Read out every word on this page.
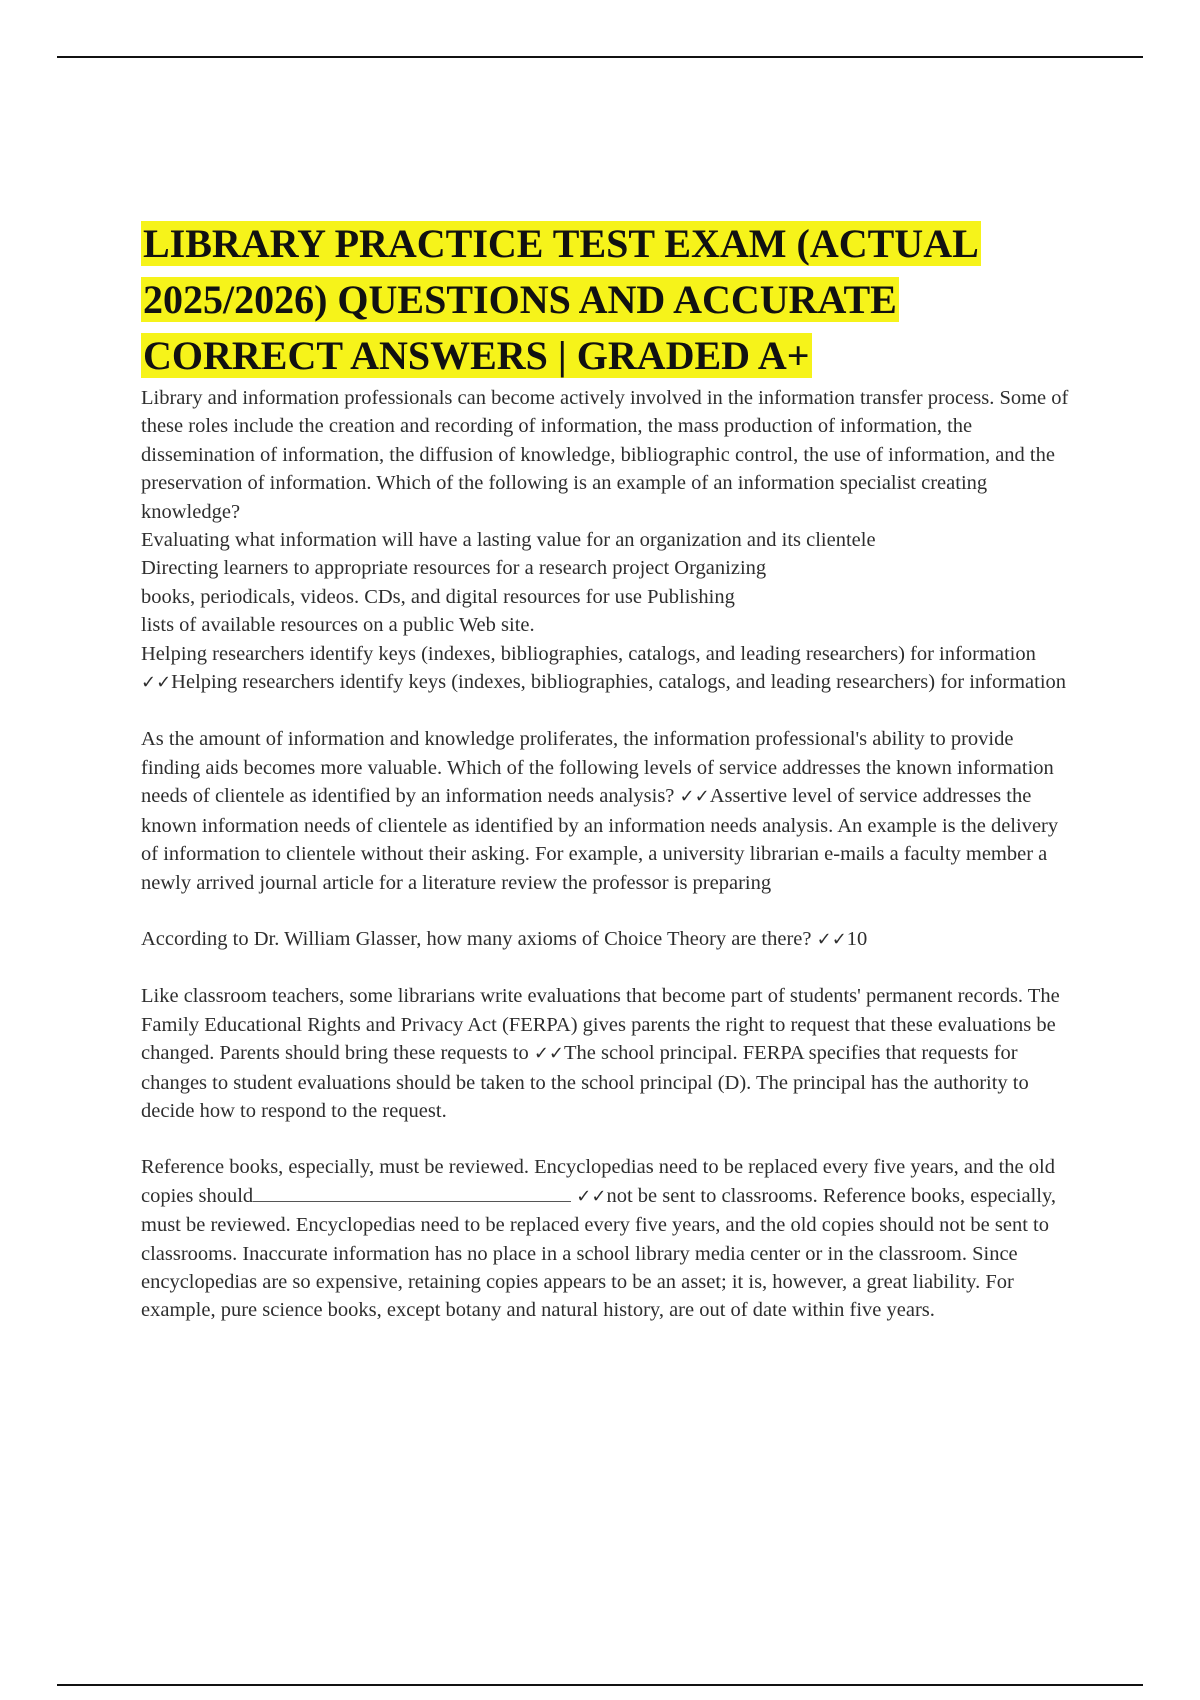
LIBRARY PRACTICE TEST EXAM (ACTUAL 2025/2026) QUESTIONS AND ACCURATE CORRECT ANSWERS | GRADED A+

Library and information professionals can become actively involved in the information transfer process. Some of these roles include the creation and recording of information, the mass production of information, the dissemination of information, the diffusion of knowledge, bibliographic control, the use of information, and the preservation of information. Which of the following is an example of an information specialist creating knowledge?

Evaluating what information will have a lasting value for an organization and its clientele
Directing learners to appropriate resources for a research project Organizing
books, periodicals, videos. CDs, and digital resources for use Publishing
lists of available resources on a public Web site.
Helping researchers identify keys (indexes, bibliographies, catalogs, and leading researchers) for information ✓✓Helping researchers identify keys (indexes, bibliographies, catalogs, and leading researchers) for information

As the amount of information and knowledge proliferates, the information professional's ability to provide finding aids becomes more valuable. Which of the following levels of service addresses the known information needs of clientele as identified by an information needs analysis? ✓✓Assertive level of service addresses the known information needs of clientele as identified by an information needs analysis. An example is the delivery of information to clientele without their asking. For example, a university librarian e-mails a faculty member a newly arrived journal article for a literature review the professor is preparing

According to Dr. William Glasser, how many axioms of Choice Theory are there? ✓✓10

Like classroom teachers, some librarians write evaluations that become part of students' permanent records. The Family Educational Rights and Privacy Act (FERPA) gives parents the right to request that these evaluations be changed. Parents should bring these requests to ✓✓The school principal. FERPA specifies that requests for changes to student evaluations should be taken to the school principal (D). The principal has the authority to decide how to respond to the request.

Reference books, especially, must be reviewed. Encyclopedias need to be replaced every five years, and the old copies should	✓✓not be sent to classrooms. Reference books, especially, must be reviewed. Encyclopedias need to be replaced every five years, and the old copies should not be sent to classrooms. Inaccurate information has no place in a school library media center or in the classroom. Since encyclopedias are so expensive, retaining copies appears to be an asset; it is, however, a great liability. For example, pure science books, except botany and natural history, are out of date within five years.
